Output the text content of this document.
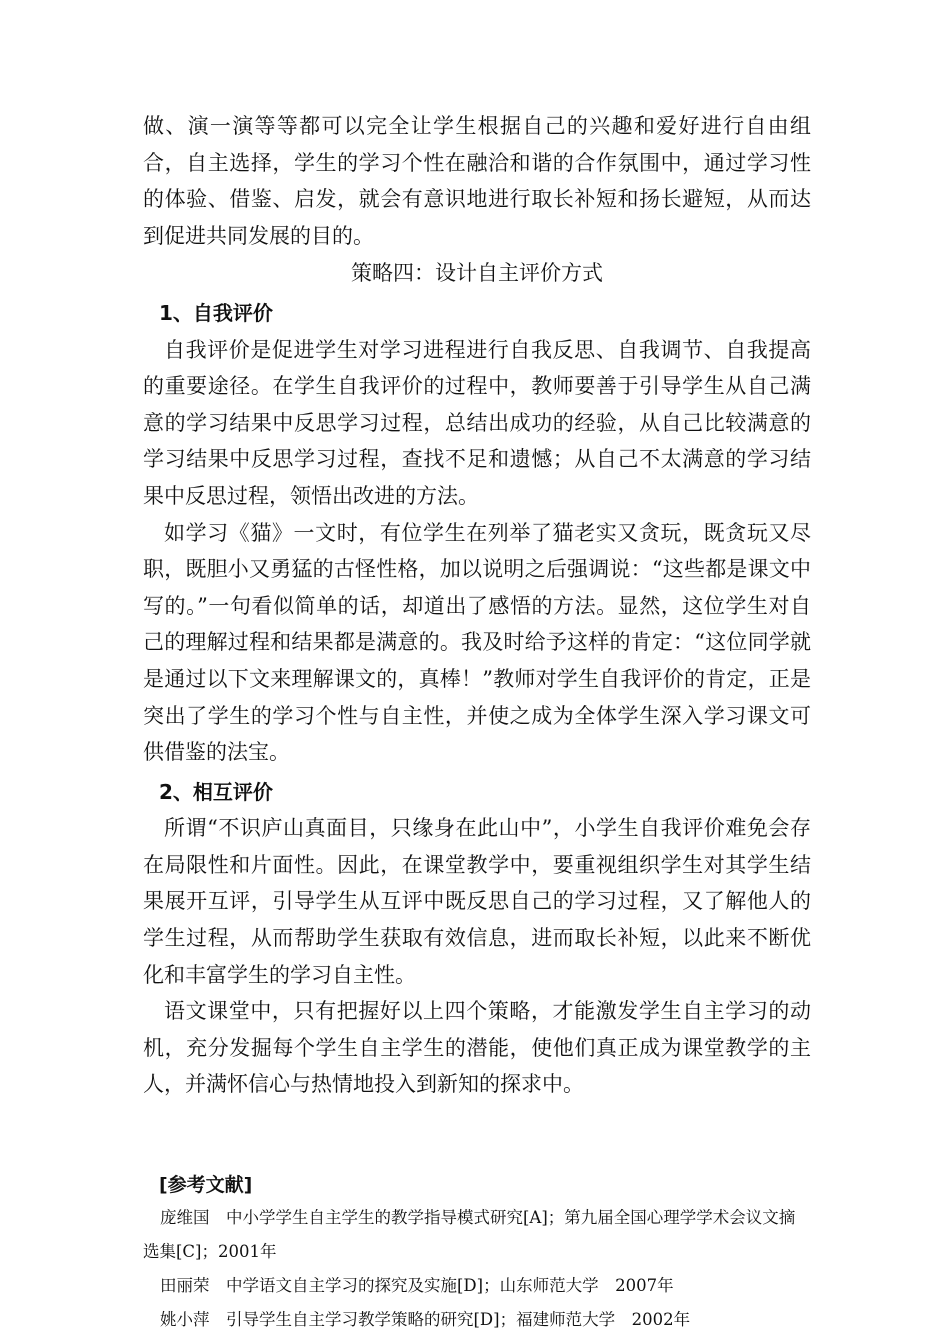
做、演一演等等都可以完全让学生根据自己的兴趣和爱好进行自由组合，自主选择，学生的学习个性在融洽和谐的合作氛围中，通过学习性的体验、借鉴、启发，就会有意识地进行取长补短和扬长避短，从而达到促进共同发展的目的。

策略四：设计自主评价方式

1、自我评价

自我评价是促进学生对学习进程进行自我反思、自我调节、自我提高的重要途径。在学生自我评价的过程中，教师要善于引导学生从自己满意的学习结果中反思学习过程，总结出成功的经验，从自己比较满意的学习结果中反思学习过程，查找不足和遗憾；从自己不太满意的学习结果中反思过程，领悟出改进的方法。

如学习《猫》一文时，有位学生在列举了猫老实又贪玩，既贪玩又尽职，既胆小又勇猛的古怪性格，加以说明之后强调说：“这些都是课文中写的。”一句看似简单的话，却道出了感悟的方法。显然，这位学生对自己的理解过程和结果都是满意的。我及时给予这样的肯定：“这位同学就是通过以下文来理解课文的，真棒！”教师对学生自我评价的肯定，正是突出了学生的学习个性与自主性，并使之成为全体学生深入学习课文可供借鉴的法宝。

2、相互评价

所谓“不识庐山真面目，只缘身在此山中”，小学生自我评价难免会存在局限性和片面性。因此，在课堂教学中，要重视组织学生对其学生结果展开互评，引导学生从互评中既反思自己的学习过程，又了解他人的学生过程，从而帮助学生获取有效信息，进而取长补短，以此来不断优化和丰富学生的学习自主性。

语文课堂中，只有把握好以上四个策略，才能激发学生自主学习的动机，充分发掘每个学生自主学生的潜能，使他们真正成为课堂教学的主人，并满怀信心与热情地投入到新知的探求中。

[参考文献]

庞维国　中小学学生自主学生的教学指导模式研究[A]；第九届全国心理学学术会议文摘选集[C]；2001年

田丽荣　中学语文自主学习的探究及实施[D]；山东师范大学　2007年

姚小萍　引导学生自主学习教学策略的研究[D]；福建师范大学　2002年
